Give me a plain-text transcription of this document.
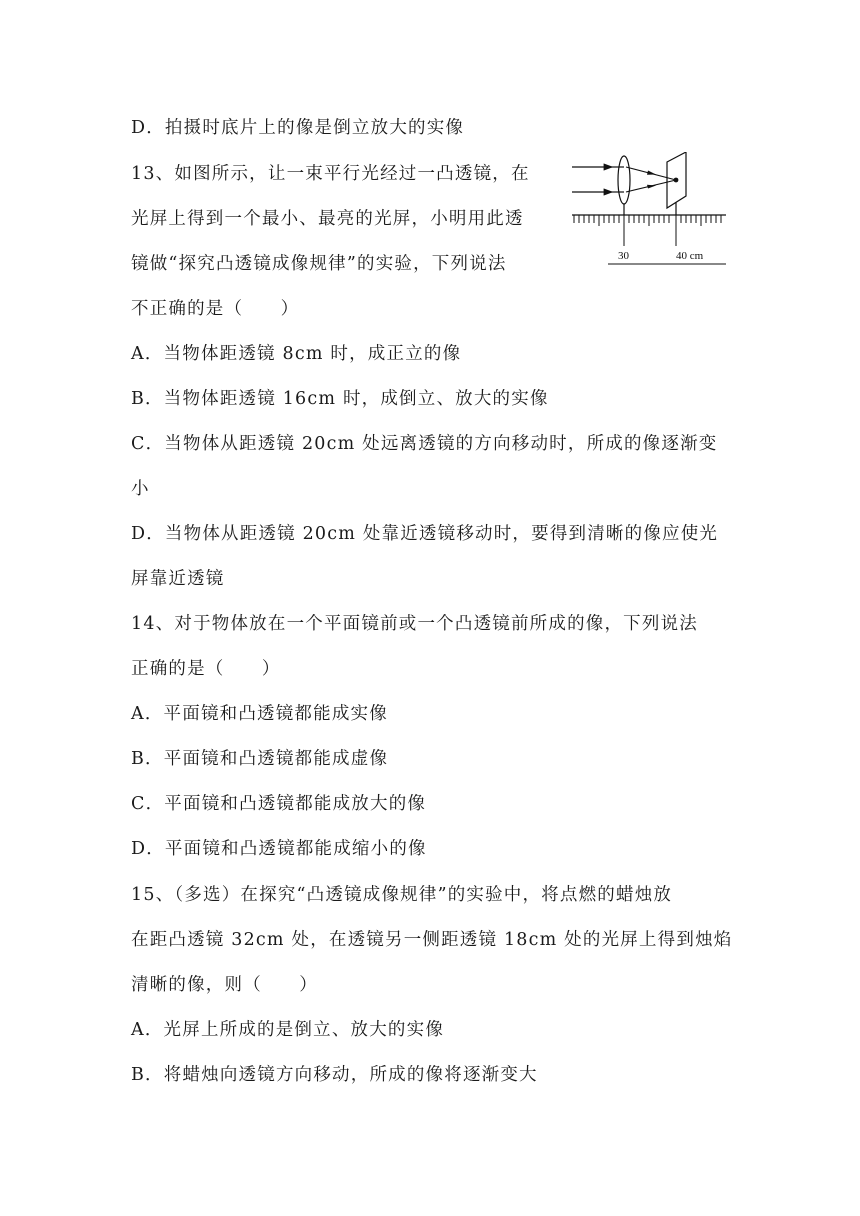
D．拍摄时底片上的像是倒立放大的实像
13、如图所示，让一束平行光经过一凸透镜，在
光屏上得到一个最小、最亮的光屏，小明用此透
镜做“探究凸透镜成像规律”的实验，下列说法
不正确的是（　　）
A．当物体距透镜 8cm 时，成正立的像
B．当物体距透镜 16cm 时，成倒立、放大的实像
C．当物体从距透镜 20cm 处远离透镜的方向移动时，所成的像逐渐变
小
D．当物体从距透镜 20cm 处靠近透镜移动时，要得到清晰的像应使光
屏靠近透镜
14、对于物体放在一个平面镜前或一个凸透镜前所成的像，下列说法
正确的是（　　）
A．平面镜和凸透镜都能成实像
B．平面镜和凸透镜都能成虚像
C．平面镜和凸透镜都能成放大的像
D．平面镜和凸透镜都能成缩小的像
15、（多选）在探究“凸透镜成像规律”的实验中，将点燃的蜡烛放
在距凸透镜 32cm 处，在透镜另一侧距透镜 18cm 处的光屏上得到烛焰
清晰的像，则（　　）
A．光屏上所成的是倒立、放大的实像
B．将蜡烛向透镜方向移动，所成的像将逐渐变大
30	40 cm
